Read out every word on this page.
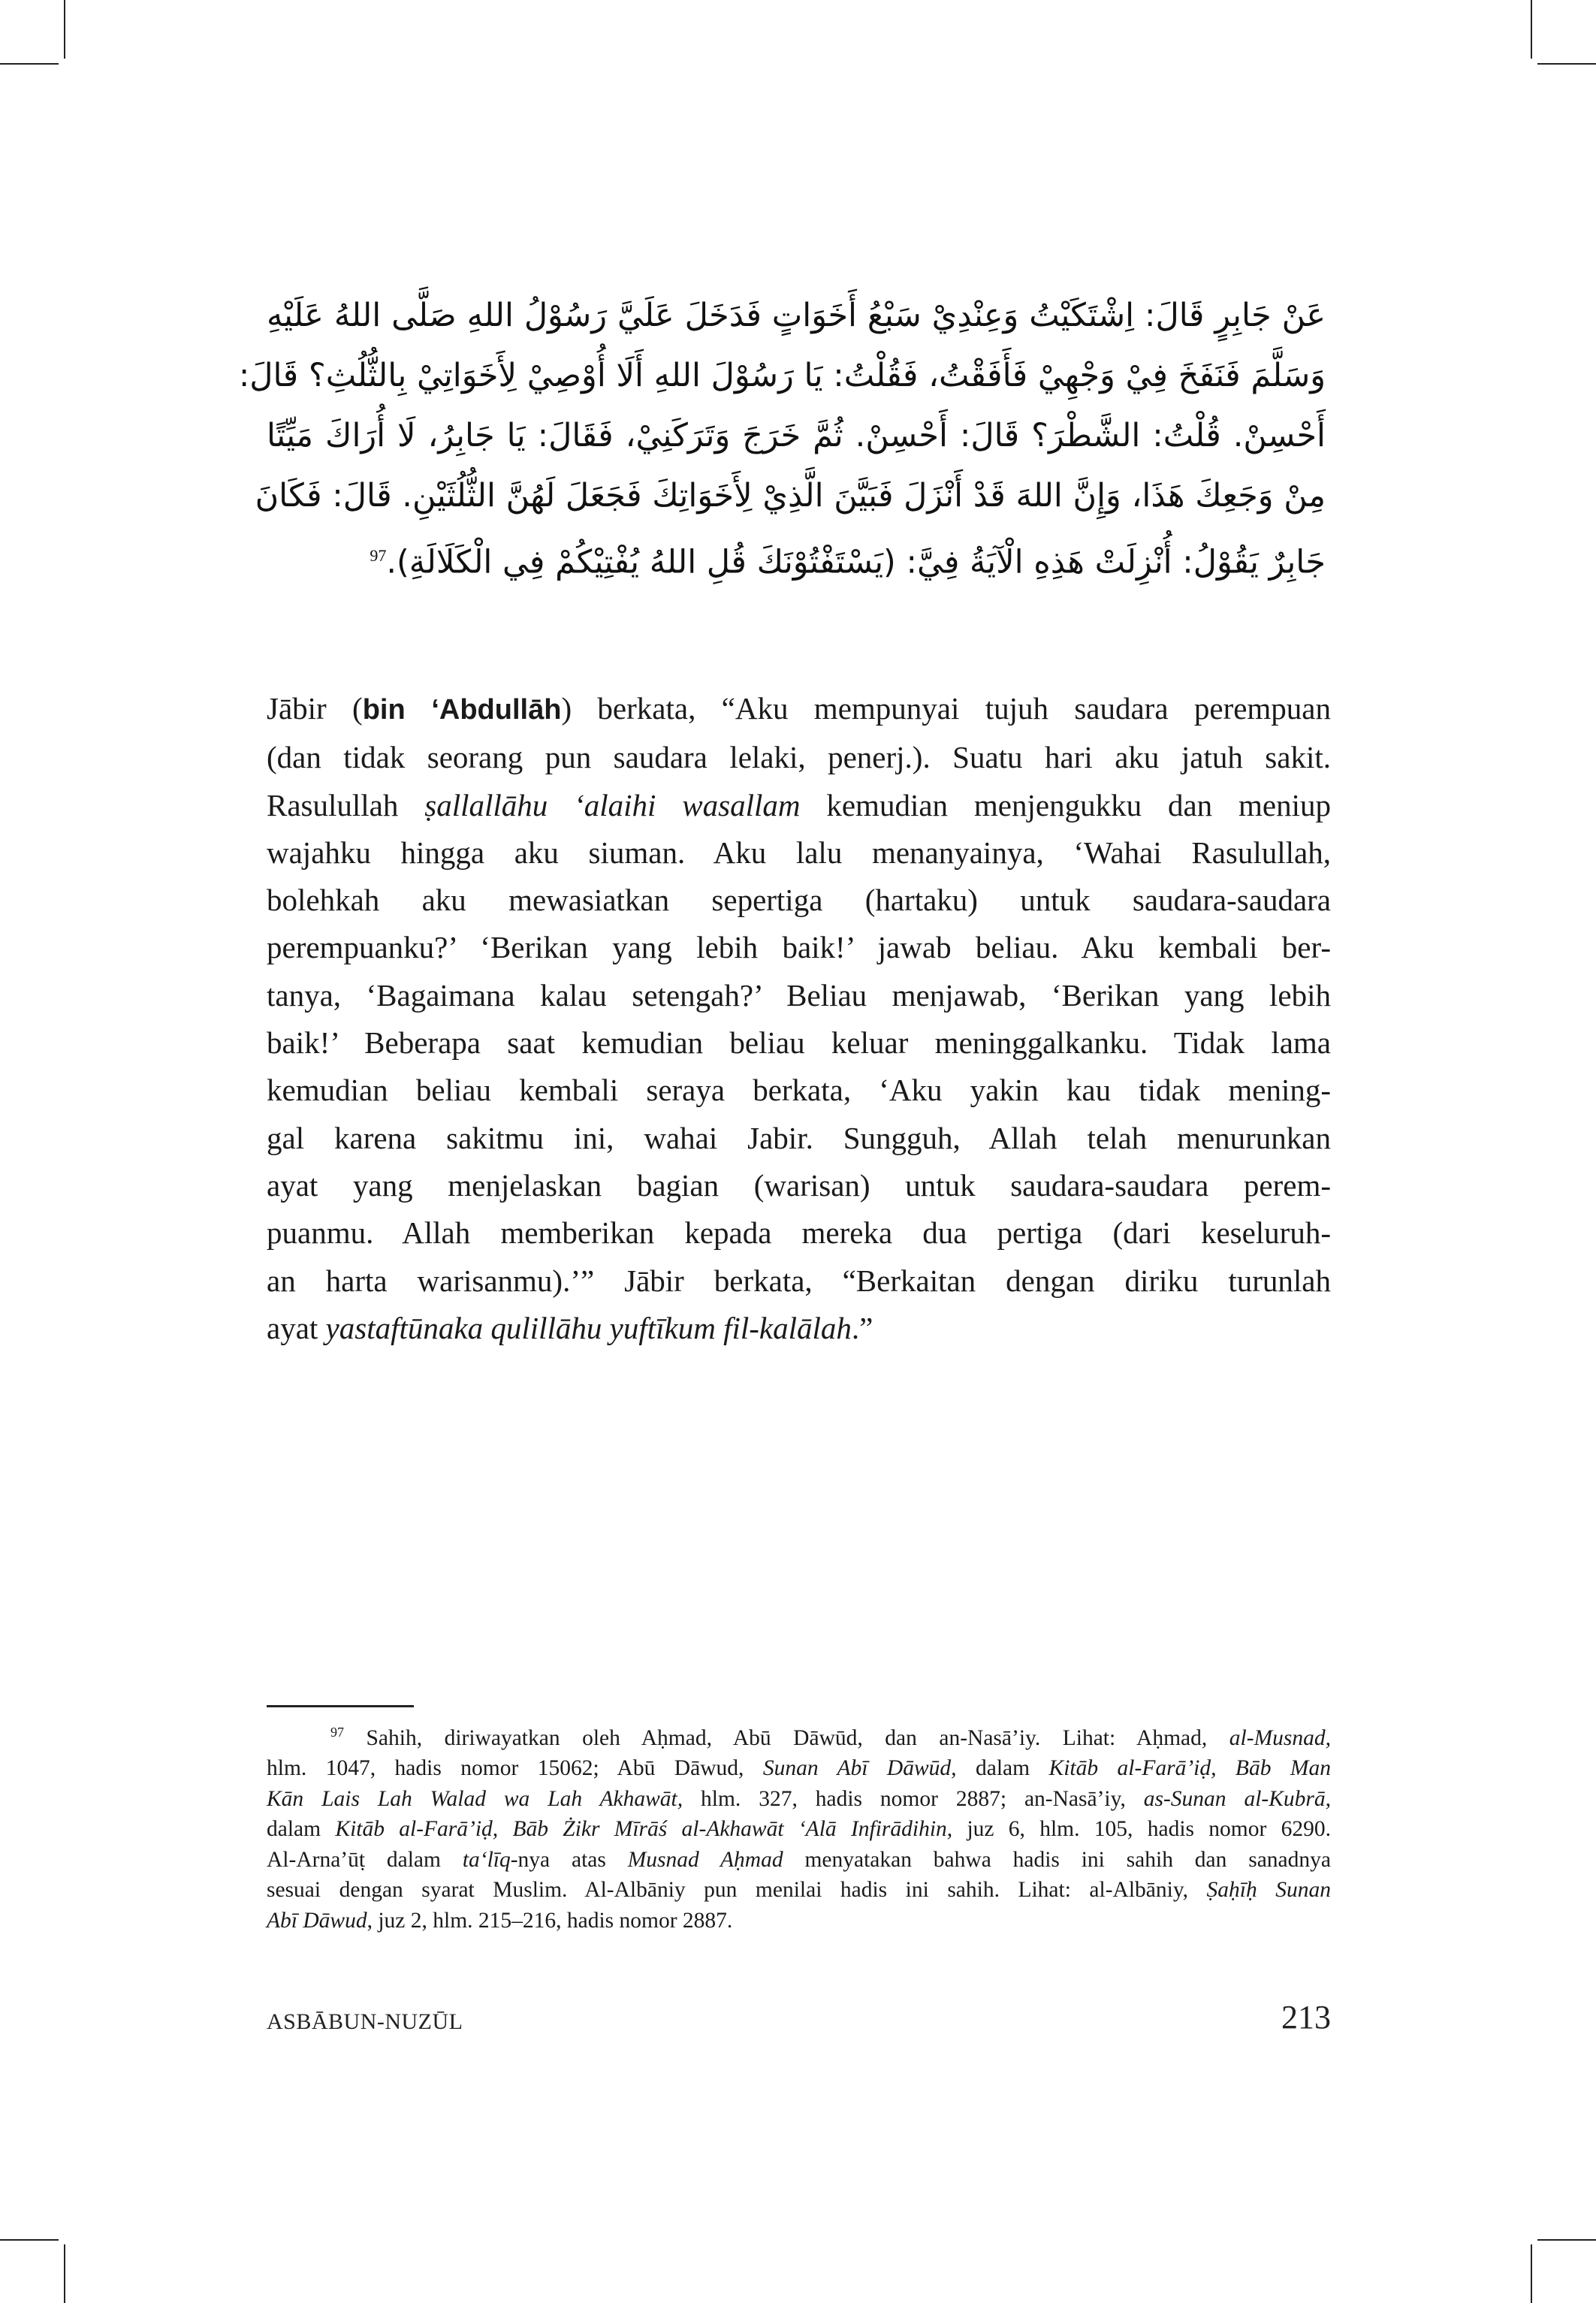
عَنْ جَابِرٍ قَالَ: اِشْتَكَيْتُ وَعِنْدِيْ سَبْعُ أَخَوَاتٍ فَدَخَلَ عَلَيَّ رَسُوْلُ اللهِ صَلَّى اللهُ عَلَيْهِ
وَسَلَّمَ فَنَفَخَ فِيْ وَجْهِيْ فَأَفَقْتُ، فَقُلْتُ: يَا رَسُوْلَ اللهِ أَلَا أُوْصِيْ لِأَخَوَاتِيْ بِالثُّلُثِ؟ قَالَ:
أَحْسِنْ. قُلْتُ: الشَّطْرَ؟ قَالَ: أَحْسِنْ. ثُمَّ خَرَجَ وَتَرَكَنِيْ، فَقَالَ: يَا جَابِرُ، لَا أُرَاكَ مَيِّتًا
مِنْ وَجَعِكَ هَذَا، وَإِنَّ اللهَ قَدْ أَنْزَلَ فَبَيَّنَ الَّذِيْ لِأَخَوَاتِكَ فَجَعَلَ لَهُنَّ الثُّلُثَيْنِ. قَالَ: فَكَانَ
جَابِرٌ يَقُوْلُ: أُنْزِلَتْ هَذِهِ الْآيَةُ فِيَّ: (يَسْتَفْتُوْنَكَ قُلِ اللهُ يُفْتِيْكُمْ فِي الْكَلَالَةِ).$^{97}$
Jābir (bin ‘Abdullāh) berkata, “Aku mempunyai tujuh saudara perempuan
(dan tidak seorang pun saudara lelaki, penerj.). Suatu hari aku jatuh sakit.
Rasulullah ṣallallāhu ‘alaihi wasallam kemudian menjengukku dan meniup
wajahku hingga aku siuman. Aku lalu menanyainya, ‘Wahai Rasulullah,
bolehkah aku mewasiatkan sepertiga (hartaku) untuk saudara-saudara
perempuanku?’ ‘Berikan yang lebih baik!’ jawab beliau. Aku kembali ber-
tanya, ‘Bagaimana kalau setengah?’ Beliau menjawab, ‘Berikan yang lebih
baik!’ Beberapa saat kemudian beliau keluar meninggalkanku. Tidak lama
kemudian beliau kembali seraya berkata, ‘Aku yakin kau tidak mening-
gal karena sakitmu ini, wahai Jabir. Sungguh, Allah telah menurunkan
ayat yang menjelaskan bagian (warisan) untuk saudara-saudara perem-
puanmu. Allah memberikan kepada mereka dua pertiga (dari keseluruh-
an harta warisanmu).’” Jābir berkata, “Berkaitan dengan diriku turunlah
ayat yastaftūnaka qulillāhu yuftīkum fil-kalālah.”
$^{97}$ Sahih, diriwayatkan oleh Aḥmad, Abū Dāwūd, dan an-Nasā’iy. Lihat: Aḥmad, al-Musnad,
hlm. 1047, hadis nomor 15062; Abū Dāwud, Sunan Abī Dāwūd, dalam Kitāb al-Farā’iḍ, Bāb Man
Kān Lais Lah Walad wa Lah Akhawāt, hlm. 327, hadis nomor 2887; an-Nasā’iy, as-Sunan al-Kubrā,
dalam Kitāb al-Farā’iḍ, Bāb Żikr Mīrāś al-Akhawāt ‘Alā Infirādihin, juz 6, hlm. 105, hadis nomor 6290.
Al-Arna’ūṭ dalam ta‘līq-nya atas Musnad Aḥmad menyatakan bahwa hadis ini sahih dan sanadnya
sesuai dengan syarat Muslim. Al-Albāniy pun menilai hadis ini sahih. Lihat: al-Albāniy, Ṣaḥīḥ Sunan
Abī Dāwud, juz 2, hlm. 215–216, hadis nomor 2887.
ASBĀBUN-NUZŪL	213
